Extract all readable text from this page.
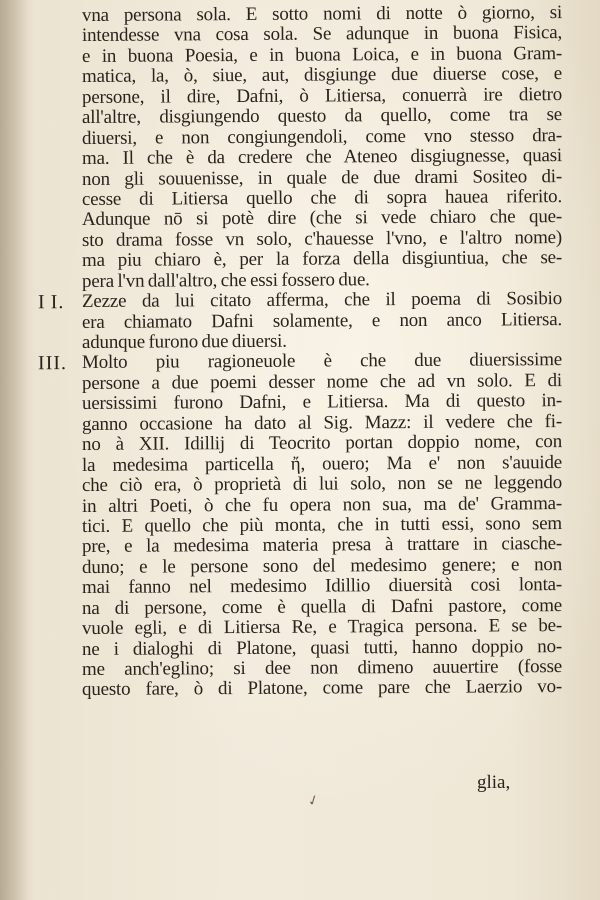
vna persona sola. E sotto nomi di notte ò giorno, si
intendesse vna cosa sola. Se adunque in buona Fisica,
e in buona Poesia, e in buona Loica, e in buona Gram-
matica, la, ò, siue, aut, disgiunge due diuerse cose, e
persone, il dire, Dafni, ò Litiersa, conuerrà ire dietro
all'altre, disgiungendo questo da quello, come tra se
diuersi, e non congiungendoli, come vno stesso dra-
ma. Il che è da credere che Ateneo disgiugnesse, quasi
non gli souuenisse, in quale de due drami Sositeo di-
cesse di Litiersa quello che di sopra hauea riferito.
Adunque nō si potè dire (che si vede chiaro che que-
sto drama fosse vn solo, c'hauesse l'vno, e l'altro nome)
ma piu chiaro è, per la forza della disgiuntiua, che se-
pera l'vn dall'altro, che essi fossero due.
I I. Zezze da lui citato afferma, che il poema di Sosibio
era chiamato Dafni solamente, e non anco Litiersa.
adunque furono due diuersi.
III. Molto piu ragioneuole è che due diuersissime
persone a due poemi desser nome che ad vn solo. E di
uersissimi furono Dafni, e Litiersa. Ma di questo in-
ganno occasione ha dato al Sig. Mazz: il vedere che fi-
no à XII. Idillij di Teocrito portan doppio nome, con
la medesima particella ἤ, ouero; Ma e' non s'auuide
che ciò era, ò proprietà di lui solo, non se ne leggendo
in altri Poeti, ò che fu opera non sua, ma de' Gramma-
tici. E quello che più monta, che in tutti essi, sono sem
pre, e la medesima materia presa à trattare in ciasche-
duno; e le persone sono del medesimo genere; e non
mai fanno nel medesimo Idillio diuersità cosi lonta-
na di persone, come è quella di Dafni pastore, come
vuole egli, e di Litiersa Re, e Tragica persona. E se be-
ne i dialoghi di Platone, quasi tutti, hanno doppio no-
me anch'eglino; si dee non dimeno auuertire (fosse
questo fare, ò di Platone, come pare che Laerzio vo-
glia,
✓
